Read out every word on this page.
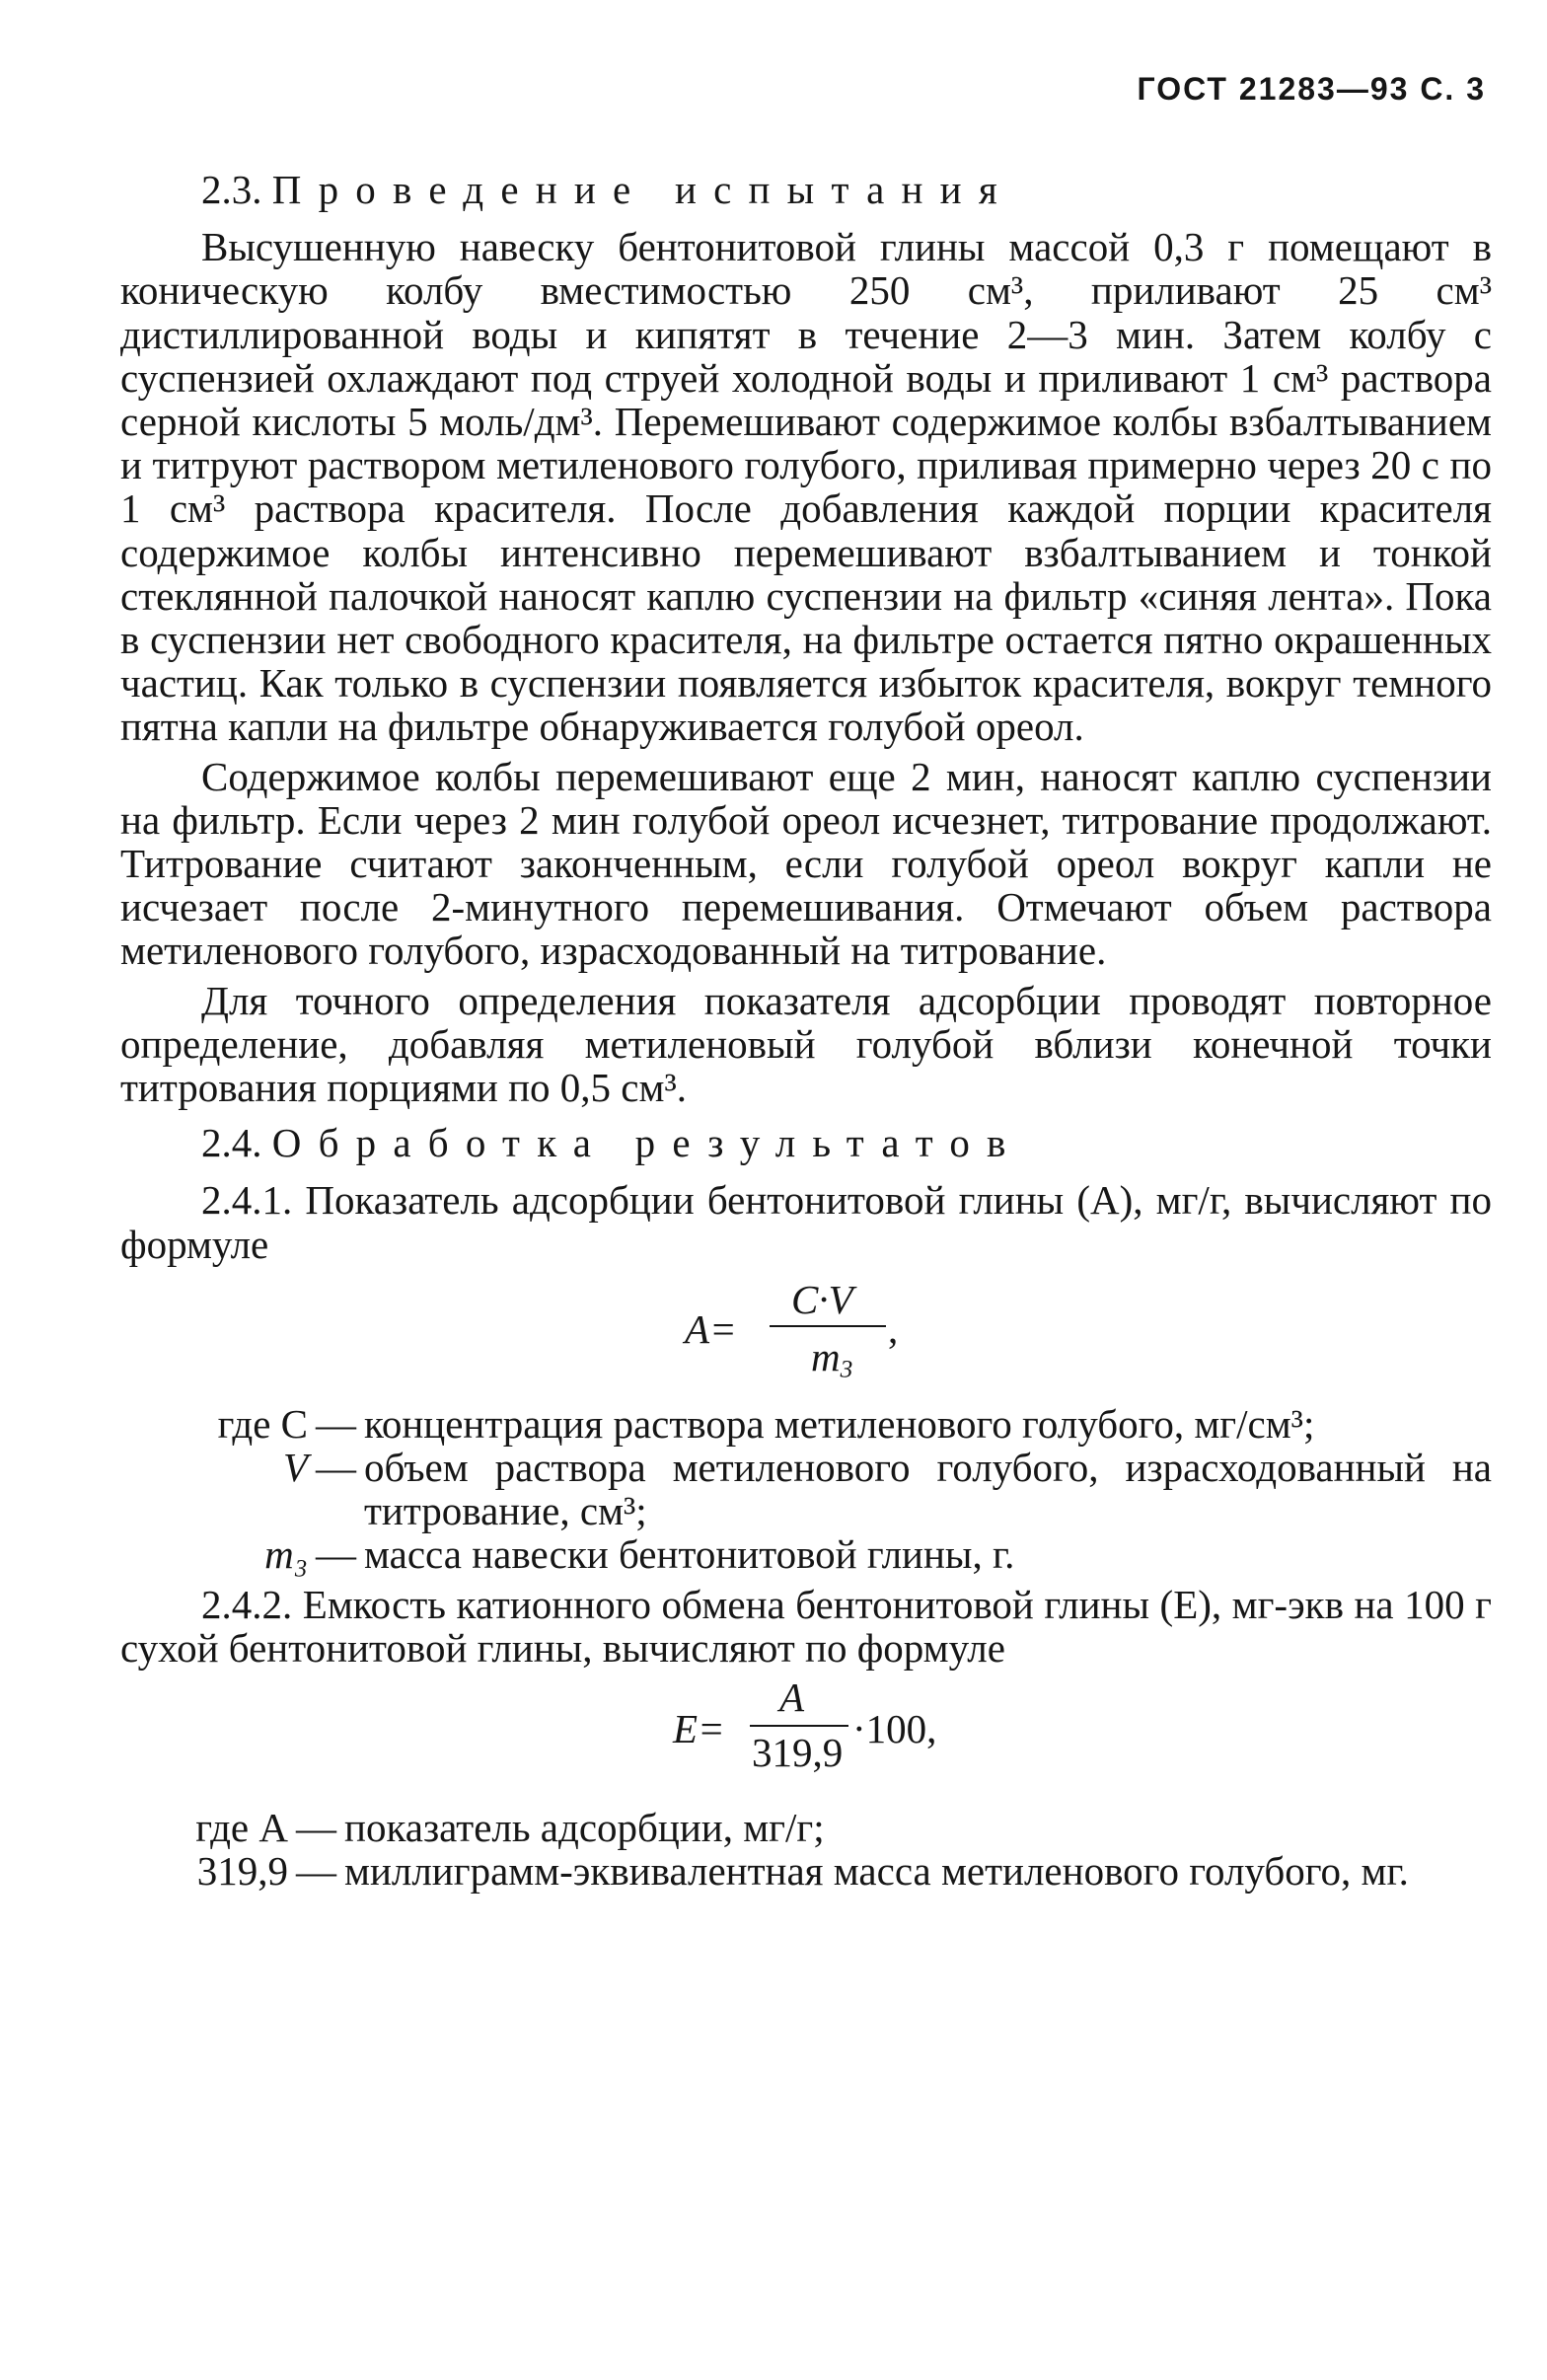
ГОСТ 21283—93 С. 3
2.3. Проведение испытания

Высушенную навеску бентонитовой глины массой 0,3 г помещают в коническую колбу вместимостью 250 см³, приливают 25 см³ дистиллированной воды и кипятят в течение 2—3 мин. Затем колбу с суспензией охлаждают под струей холодной воды и приливают 1 см³ раствора серной кислоты 5 моль/дм³. Перемешивают содержимое колбы взбалтыванием и титруют раствором метиленового голубого, приливая примерно через 20 с по 1 см³ раствора красителя. После добавления каждой порции красителя содержимое колбы интенсивно перемешивают взбалтыванием и тонкой стеклянной палочкой наносят каплю суспензии на фильтр «синяя лента». Пока в суспензии нет свободного красителя, на фильтре остается пятно окрашенных частиц. Как только в суспензии появляется избыток красителя, вокруг темного пятна капли на фильтре обнаруживается голубой ореол.

Содержимое колбы перемешивают еще 2 мин, наносят каплю суспензии на фильтр. Если через 2 мин голубой ореол исчезнет, титрование продолжают. Титрование считают законченным, если голубой ореол вокруг капли не исчезает после 2-минутного перемешивания. Отмечают объем раствора метиленового голубого, израсходованный на титрование.

Для точного определения показателя адсорбции проводят повторное определение, добавляя метиленовый голубой вблизи конечной точки титрования порциями по 0,5 см³.

2.4. Обработка результатов

2.4.1. Показатель адсорбции бентонитовой глины (A), мг/г, вычисляют по формуле

A=
C·V
$m_3$
,
где C — концентрация раствора метиленового голубого, мг/см³;
V — объем раствора метиленового голубого, израсходованный на титрование, см³;
m₃ — масса навески бентонитовой глины, г.

2.4.2. Емкость катионного обмена бентонитовой глины (E), мг-экв на 100 г сухой бентонитовой глины, вычисляют по формуле

E=
A
319,9
·100,
где A — показатель адсорбции, мг/г;
319,9 — миллиграмм-эквивалентная масса метиленового голубого, мг.
